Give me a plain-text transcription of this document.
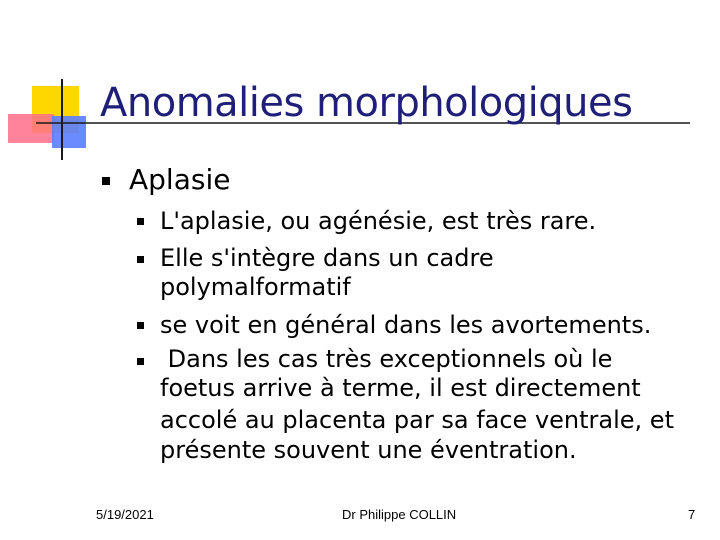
Anomalies morphologiques
Aplasie
L'aplasie, ou agénésie, est très rare.
Elle s'intègre dans un cadre
polymalformatif
se voit en général dans les avortements.
Dans les cas très exceptionnels où le
foetus arrive à terme, il est directement
accolé au placenta par sa face ventrale, et
présente souvent une éventration.
5/19/2021	Dr Philippe COLLIN	7
